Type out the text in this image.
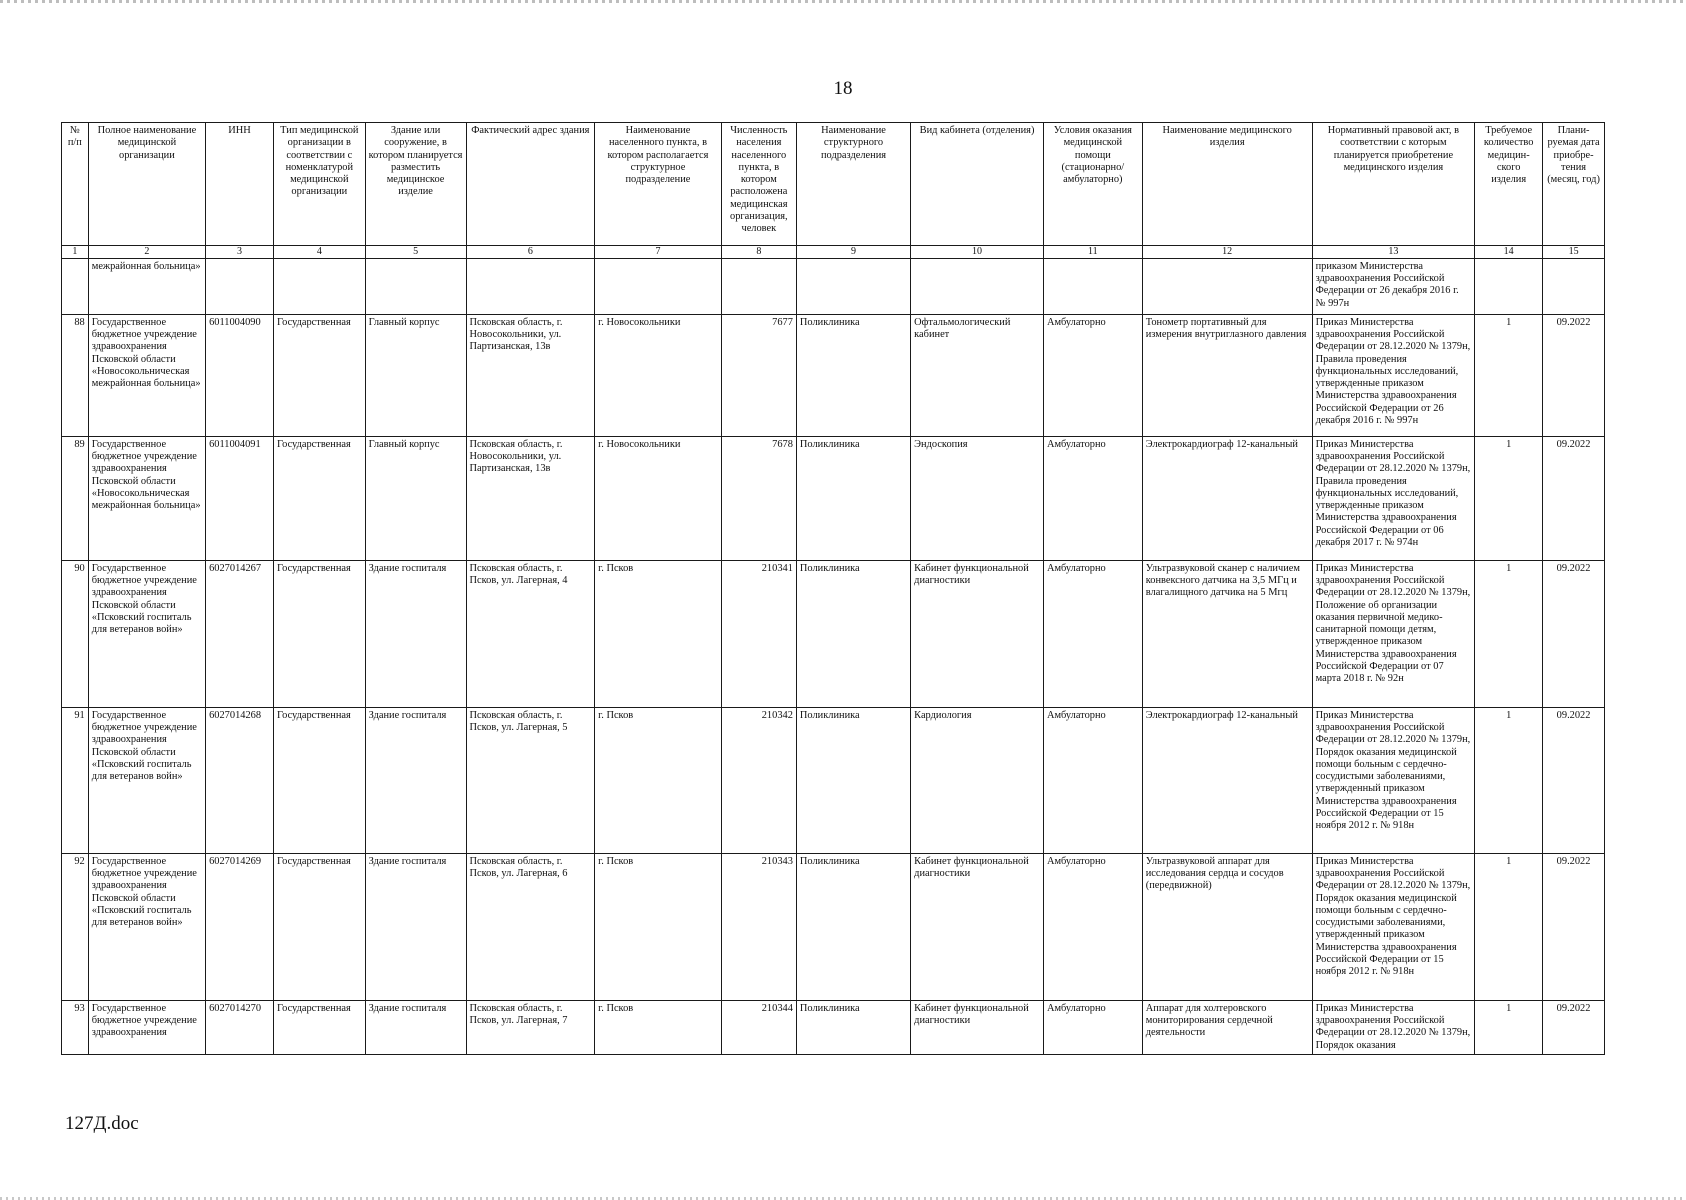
18
№ п/п	Полное наименование медицинской организации	ИНН	Тип медицинской организации в соответствии с номенклатурой медицинской организации	Здание или сооружение, в котором планируется разместить медицинское изделие	Фактический адрес здания	Наименование населенного пункта, в котором располагается структурное подразделение	Численность населения населенного пункта, в котором расположена медицинская организация, человек	Наименование структурного подразделения	Вид кабинета (отделения)	Условия оказания медицинской помощи (стационарно/ амбулаторно)	Наименование медицинского изделия	Нормативный правовой акт, в соответствии с которым планируется приобретение медицинского изделия	Требуемое количество медицин-ского изделия	Плани-руемая дата приобре-тения (месяц, год)
1	2	3	4	5	6	7	8	9	10	11	12	13	14	15
	межрайонная больница»											приказом Министерства здравоохранения Российской Федерации от 26 декабря 2016 г. № 997н		
88	Государственное бюджетное учреждение здравоохранения Псковской области «Новосокольническая межрайонная больница»	6011004090	Государственная	Главный корпус	Псковская область, г. Новосокольники, ул. Партизанская, 13в	г. Новосокольники	7677	Поликлиника	Офтальмологический кабинет	Амбулаторно	Тонометр портативный для измерения внутриглазного давления	Приказ Министерства здравоохранения Российской Федерации от 28.12.2020 № 1379н, Правила проведения функциональных исследований, утвержденные приказом Министерства здравоохранения Российской Федерации от 26 декабря 2016 г. № 997н	1	09.2022
89	Государственное бюджетное учреждение здравоохранения Псковской области «Новосокольническая межрайонная больница»	6011004091	Государственная	Главный корпус	Псковская область, г. Новосокольники, ул. Партизанская, 13в	г. Новосокольники	7678	Поликлиника	Эндоскопия	Амбулаторно	Электрокардиограф 12-канальный	Приказ Министерства здравоохранения Российской Федерации от 28.12.2020 № 1379н, Правила проведения функциональных исследований, утвержденные приказом Министерства здравоохранения Российской Федерации от 06 декабря 2017 г. № 974н	1	09.2022
90	Государственное бюджетное учреждение здравоохранения Псковской области «Псковский госпиталь для ветеранов войн»	6027014267	Государственная	Здание госпиталя	Псковская область, г. Псков, ул. Лагерная, 4	г. Псков	210341	Поликлиника	Кабинет функциональной диагностики	Амбулаторно	Ультразвуковой сканер с наличием конвексного датчика на 3,5 МГц и влагалищного датчика на 5 Мгц	Приказ Министерства здравоохранения Российской Федерации от 28.12.2020 № 1379н, Положение об организации оказания первичной медико-санитарной помощи детям, утвержденное приказом Министерства здравоохранения Российской Федерации от 07 марта 2018 г. № 92н	1	09.2022
91	Государственное бюджетное учреждение здравоохранения Псковской области «Псковский госпиталь для ветеранов войн»	6027014268	Государственная	Здание госпиталя	Псковская область, г. Псков, ул. Лагерная, 5	г. Псков	210342	Поликлиника	Кардиология	Амбулаторно	Электрокардиограф 12-канальный	Приказ Министерства здравоохранения Российской Федерации от 28.12.2020 № 1379н, Порядок оказания медицинской помощи больным с сердечно-сосудистыми заболеваниями, утвержденный приказом Министерства здравоохранения Российской Федерации от 15 ноября 2012 г. № 918н	1	09.2022
92	Государственное бюджетное учреждение здравоохранения Псковской области «Псковский госпиталь для ветеранов войн»	6027014269	Государственная	Здание госпиталя	Псковская область, г. Псков, ул. Лагерная, 6	г. Псков	210343	Поликлиника	Кабинет функциональной диагностики	Амбулаторно	Ультразвуковой аппарат для исследования сердца и сосудов (передвижной)	Приказ Министерства здравоохранения Российской Федерации от 28.12.2020 № 1379н, Порядок оказания медицинской помощи больным с сердечно-сосудистыми заболеваниями, утвержденный приказом Министерства здравоохранения Российской Федерации от 15 ноября 2012 г. № 918н	1	09.2022
93	Государственное бюджетное учреждение здравоохранения	6027014270	Государственная	Здание госпиталя	Псковская область, г. Псков, ул. Лагерная, 7	г. Псков	210344	Поликлиника	Кабинет функциональной диагностики	Амбулаторно	Аппарат для холтеровского мониторирования сердечной деятельности	Приказ Министерства здравоохранения Российской Федерации от 28.12.2020 № 1379н, Порядок оказания	1	09.2022
127Д.doc
